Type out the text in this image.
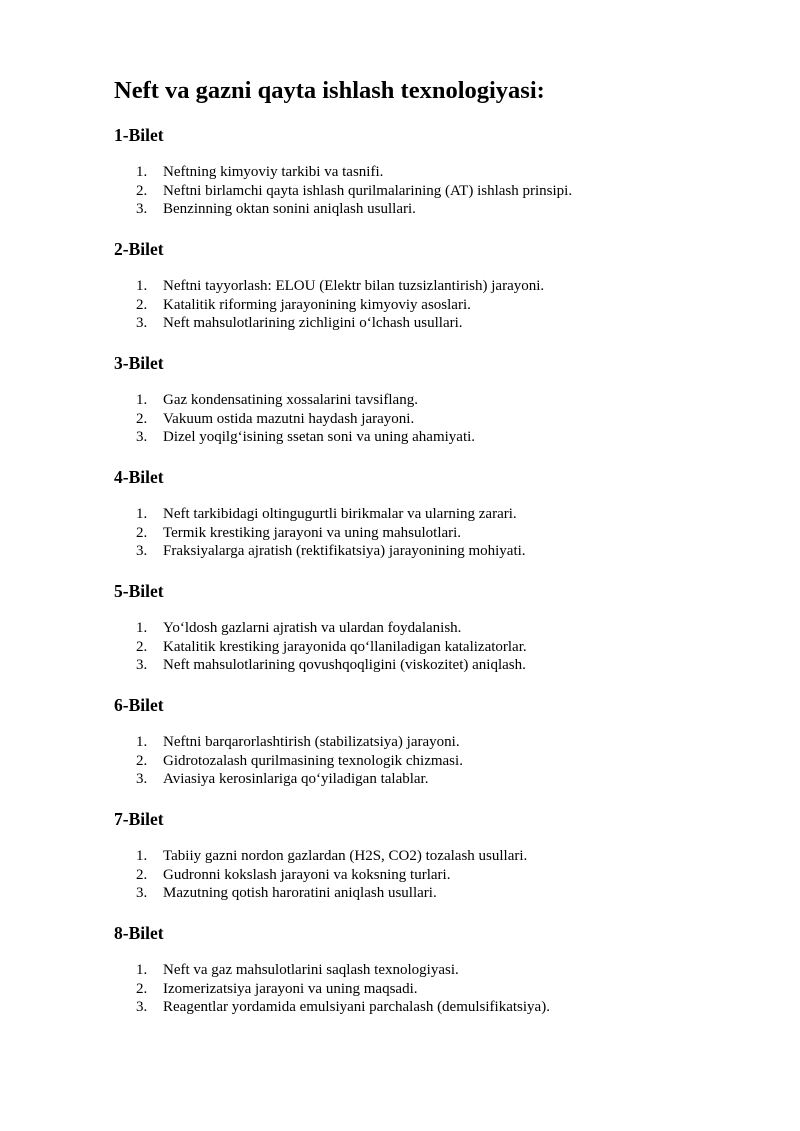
Neft va gazni qayta ishlash texnologiyasi:
1-Bilet
1. Neftning kimyoviy tarkibi va tasnifi.
2. Neftni birlamchi qayta ishlash qurilmalarining (AT) ishlash prinsipi.
3. Benzinning oktan sonini aniqlash usullari.
2-Bilet
1. Neftni tayyorlash: ELOU (Elektr bilan tuzsizlantirish) jarayoni.
2. Katalitik riforming jarayonining kimyoviy asoslari.
3. Neft mahsulotlarining zichligini o‘lchash usullari.
3-Bilet
1. Gaz kondensatining xossalarini tavsiflang.
2. Vakuum ostida mazutni haydash jarayoni.
3. Dizel yoqilg‘isining ssetan soni va uning ahamiyati.
4-Bilet
1. Neft tarkibidagi oltingugurtli birikmalar va ularning zarari.
2. Termik krestiking jarayoni va uning mahsulotlari.
3. Fraksiyalarga ajratish (rektifikatsiya) jarayonining mohiyati.
5-Bilet
1. Yo‘ldosh gazlarni ajratish va ulardan foydalanish.
2. Katalitik krestiking jarayonida qo‘llaniladigan katalizatorlar.
3. Neft mahsulotlarining qovushqoqligini (viskozitet) aniqlash.
6-Bilet
1. Neftni barqarorlashtirish (stabilizatsiya) jarayoni.
2. Gidrotozalash qurilmasining texnologik chizmasi.
3. Aviasiya kerosinlariga qo‘yiladigan talablar.
7-Bilet
1. Tabiiy gazni nordon gazlardan (H2S, CO2) tozalash usullari.
2. Gudronni kokslash jarayoni va koksning turlari.
3. Mazutning qotish haroratini aniqlash usullari.
8-Bilet
1. Neft va gaz mahsulotlarini saqlash texnologiyasi.
2. Izomerizatsiya jarayoni va uning maqsadi.
3. Reagentlar yordamida emulsiyani parchalash (demulsifikatsiya).
